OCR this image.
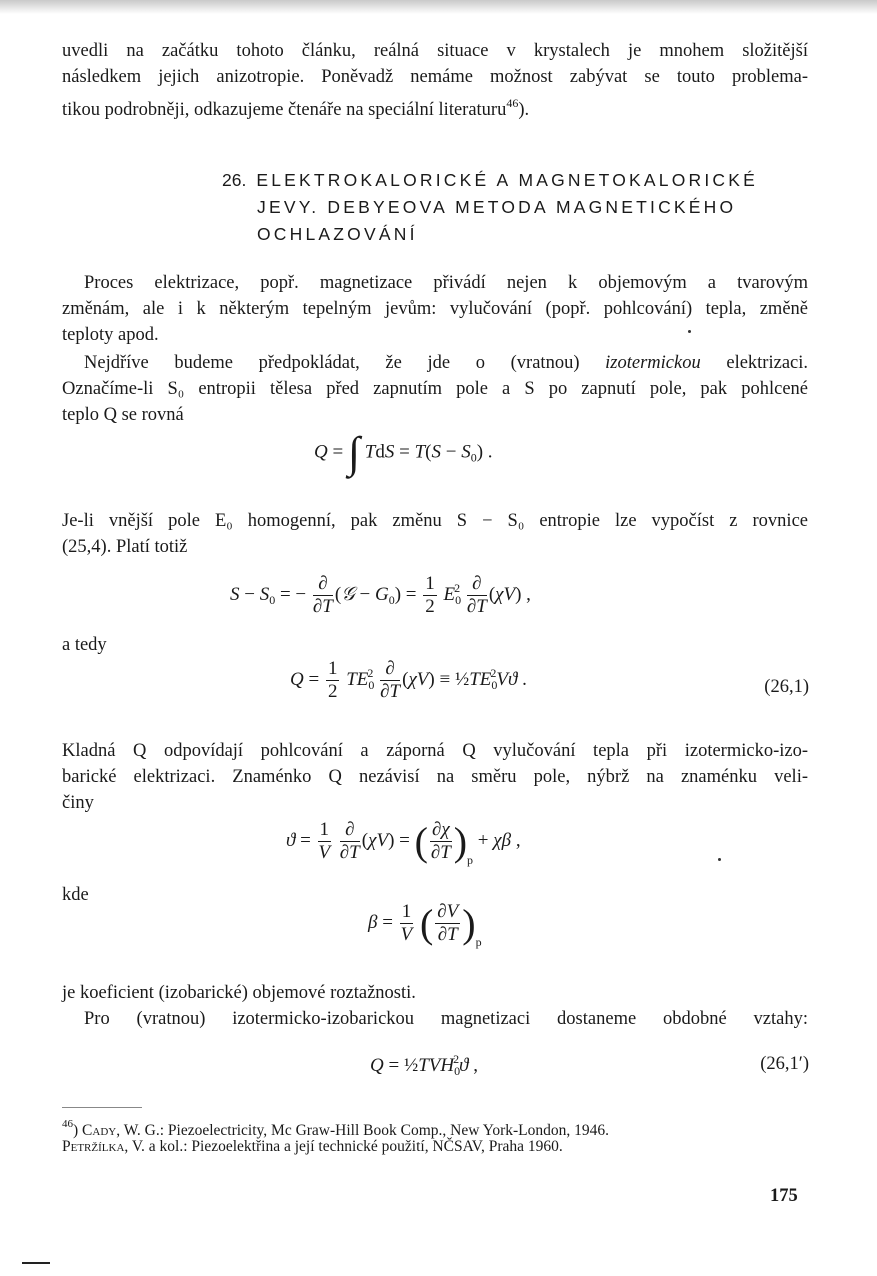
uvedli na začátku tohoto článku, reálná situace v krystalech je mnohem složitější
následkem jejich anizotropie. Poněvadž nemáme možnost zabývat se touto problema-
tikou podrobněji, odkazujeme čtenáře na speciální literaturu$^{46}$).
26. ELEKTROKALORICKÉ A MAGNETOKALORICKÉ
JEVY. DEBYEOVA METODA MAGNETICKÉHO
OCHLAZOVÁNÍ
Proces elektrizace, popř. magnetizace přivádí nejen k objemovým a tvarovým
změnám, ale i k některým tepelným jevům: vylučování (popř. pohlcování) tepla, změně
teploty apod.
Nejdříve budeme předpokládat, že jde o (vratnou) izotermickou elektrizaci.
Označíme-li S₀ entropii tělesa před zapnutím pole a S po zapnutí pole, pak pohlcené
teplo Q se rovná
Q = ∫ TdS = $T(S - S_0)$ .
Je-li vnější pole E₀ homogenní, pak změnu S − S₀ entropie lze vypočíst z rovnice
(25,4). Platí totiž
$S - S_0$ = − $\frac{\partial}{\partial T}$ (𝒢 − $G_0) = \frac{1}{2} E_0^2 \frac{\partial}{\partial T} (\chi V)$ ,
a tedy
$Q = \frac{1}{2} TE_0^2 \frac{\partial}{\partial T} (\chi V)$ ≡ $\frac{1}{2}TE_0^2Vϑ$ .	(26,1)
Kladná Q odpovídají pohlcování a záporná Q vylučování tepla při izotermicko-izo-
barické elektrizaci. Znaménko Q nezávisí na směru pole, nýbrž na znaménku veli-
činy
$ϑ = \frac{1}{V}$
$\frac{\partial}{\partial T} (\chi V)$ = ( $\frac{\partial\chi}{\partial T} )_p + \chi\beta$ ,
kde
$\beta = \frac{1}{V}$ ( $\frac{\partial V}{\partial T} )_p$
je koeficient (izobarické) objemové roztažnosti.
Pro (vratnou) izotermicko-izobarickou magnetizaci dostaneme obdobné vztahy:
$Q = \frac{1}{2}TVH_0^2ϑ$ ,	(26,1′)
$^{46}$) Cady, W. G.: Piezoelectricity, Mc Graw-Hill Book Comp., New York-London, 1946.
Petržílka, V. a kol.: Piezoelektřina a její technické použití, NČSAV, Praha 1960.
175
